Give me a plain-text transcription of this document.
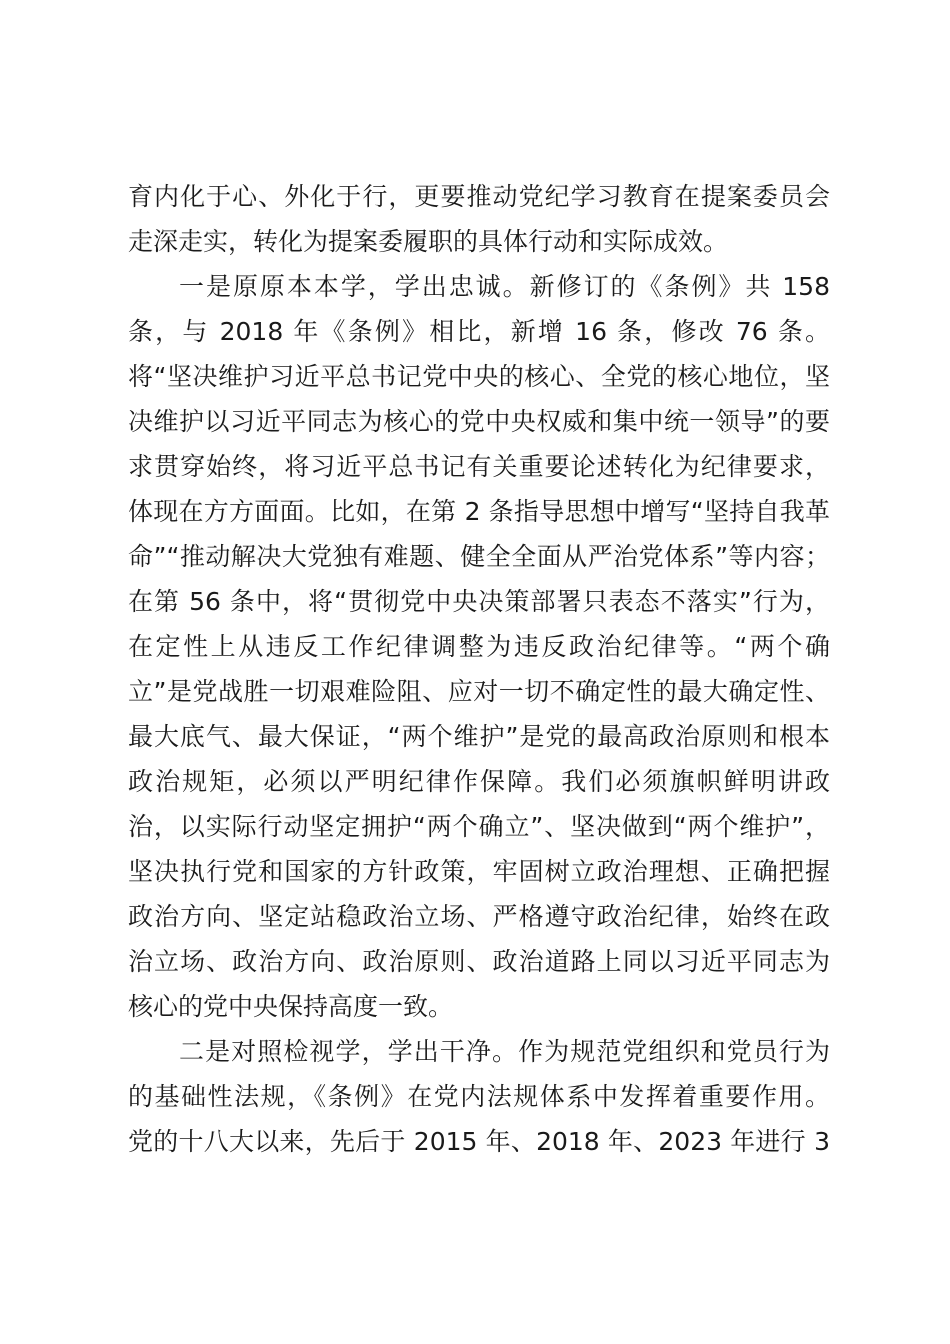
育内化于心、外化于行，更要推动党纪学习教育在提案委员会
走深走实，转化为提案委履职的具体行动和实际成效。
一是原原本本学，学出忠诚。新修订的《条例》共 158
条，与 2018 年《条例》相比，新增 16 条，修改 76 条。
将“坚决维护习近平总书记党中央的核心、全党的核心地位，坚
决维护以习近平同志为核心的党中央权威和集中统一领导”的要
求贯穿始终，将习近平总书记有关重要论述转化为纪律要求，
体现在方方面面。比如，在第 2 条指导思想中增写“坚持自我革
命”“推动解决大党独有难题、健全全面从严治党体系”等内容；
在第 56 条中，将“贯彻党中央决策部署只表态不落实”行为，
在定性上从违反工作纪律调整为违反政治纪律等。“两个确
立”是党战胜一切艰难险阻、应对一切不确定性的最大确定性、
最大底气、最大保证，“两个维护”是党的最高政治原则和根本
政治规矩，必须以严明纪律作保障。我们必须旗帜鲜明讲政
治，以实际行动坚定拥护“两个确立”、坚决做到“两个维护”，
坚决执行党和国家的方针政策，牢固树立政治理想、正确把握
政治方向、坚定站稳政治立场、严格遵守政治纪律，始终在政
治立场、政治方向、政治原则、政治道路上同以习近平同志为
核心的党中央保持高度一致。
二是对照检视学，学出干净。作为规范党组织和党员行为
的基础性法规，《条例》在党内法规体系中发挥着重要作用。
党的十八大以来，先后于 2015 年、2018 年、2023 年进行 3
